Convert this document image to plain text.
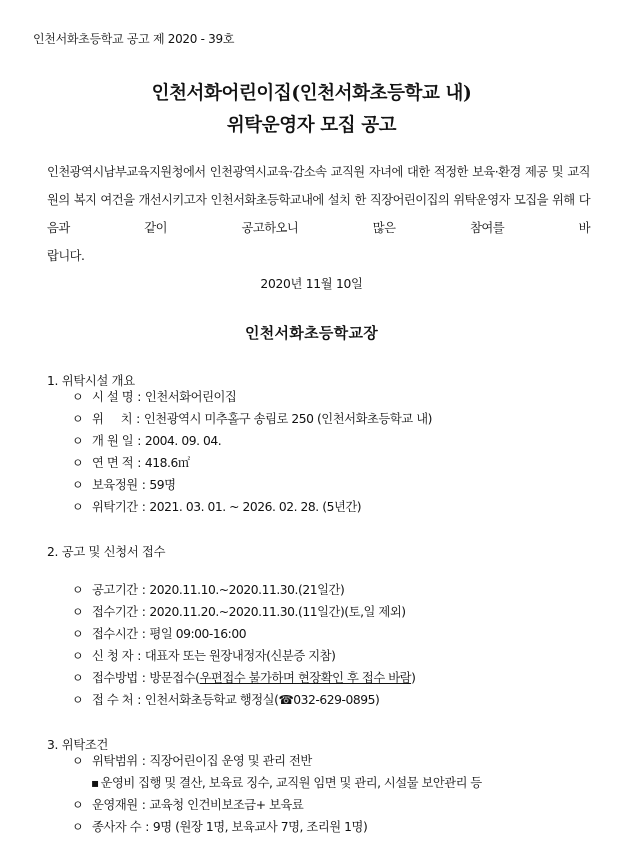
인천서화초등학교 공고 제 2020 - 39호
인천서화어린이집(인천서화초등학교 내)
위탁운영자 모집 공고
인천광역시남부교육지원청에서 인천광역시교육·감소속 교직원 자녀에 대한 적정한 보육·환경 제공 및 교직원의 복지 여건을 개선시키고자 인천서화초등학교내에 설치 한 직장어린이집의 위탁운영자 모집을 위해 다음과 같이 공고하오니 많은 참여를 바
랍니다.
2020년 11월 10일
인천서화초등학교장
1. 위탁시설 개요
ㅇ 시 설 명 : 인천서화어린이집
ㅇ 위     치 : 인천광역시 미추홀구 송림로 250 (인천서화초등학교 내)
ㅇ 개 원 일 : 2004. 09. 04.
ㅇ 연 면 적 : 418.6㎡
ㅇ 보육정원 : 59명
ㅇ 위탁기간 : 2021. 03. 01. ~ 2026. 02. 28. (5년간)
2. 공고 및 신청서 접수
ㅇ 공고기간 : 2020.11.10.~2020.11.30.(21일간)
ㅇ 접수기간 : 2020.11.20.~2020.11.30.(11일간)(토,일 제외)
ㅇ 접수시간 : 평일 09:00-16:00
ㅇ 신 청 자 : 대표자 또는 원장내정자(신분증 지참)
ㅇ 접수방법 : 방문접수(우편접수 불가하며 현장확인 후 접수 바람)
ㅇ 접 수 처 : 인천서화초등학교 행정실(☎032-629-0895)
3. 위탁조건
ㅇ 위탁범위 : 직장어린이집 운영 및 관리 전반
▪ 운영비 집행 및 결산, 보육료 징수, 교직원 임면 및 관리, 시설물 보안관리 등
ㅇ 운영재원 : 교육청 인건비보조금+ 보육료
ㅇ 종사자 수 : 9명 (원장 1명, 보육교사 7명, 조리원 1명)
